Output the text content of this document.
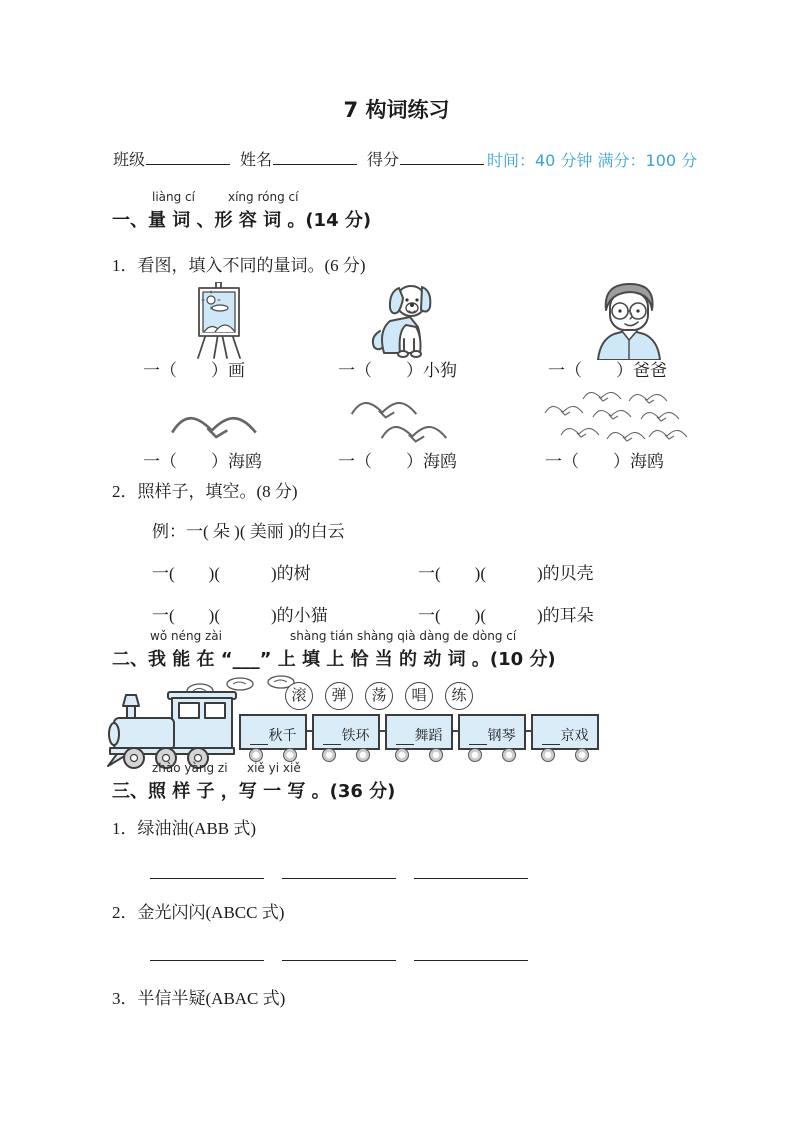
7 构词练习
班级	姓名	得分	时间：40 分钟 满分：100 分
liàng cí	xíng róng cí
一、量 词 、形 容 词 。(14 分)
1．看图，填入不同的量词。(6 分)
一（　　）画	一（　　）小狗	一（　　）爸爸
一（　　）海鸥	一（　　）海鸥	一（　　）海鸥
2．照样子，填空。(8 分)
例：一( 朵 )( 美丽 )的白云
一(　　)(　　　)的树	一(　　)(　　　)的贝壳
一(　　)(　　　)的小猫	一(　　)(　　　)的耳朵
wǒ néng zài	shàng tián shàng qià dàng de dòng cí
二、我 能 在 “___” 上 填 上 恰 当 的 动 词 。(10 分)
滚	弹	荡	唱	练
秋千	铁环	舞蹈	钢琴	京戏
zhào yàng zi xiě yi xiě
三、照 样 子 ，写 一 写 。(36 分)
1．绿油油(ABB 式)
2．金光闪闪(ABCC 式)
3．半信半疑(ABAC 式)
